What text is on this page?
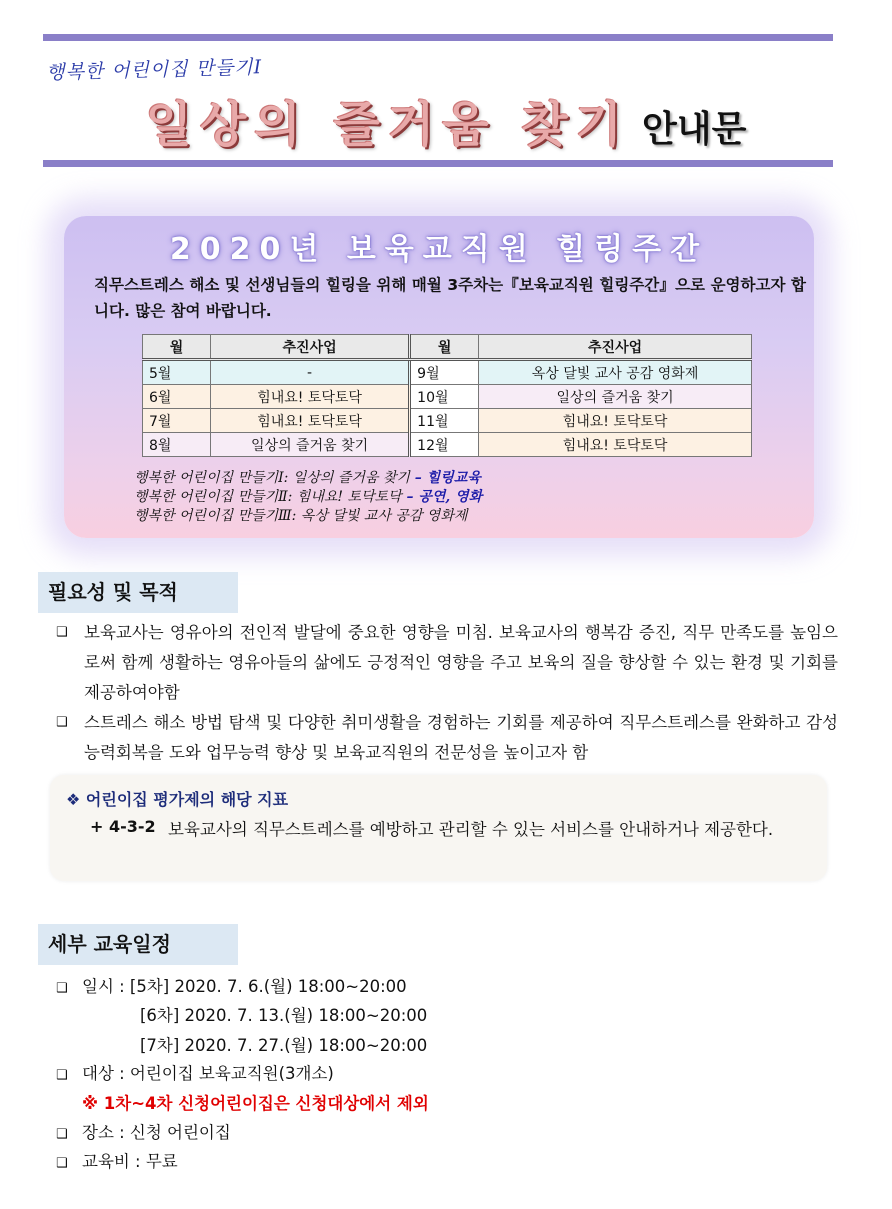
행복한 어린이집 만들기Ⅰ
일상의 즐거움 찾기 안내문
2020년 보육교직원 힐링주간
직무스트레스 해소 및 선생님들의 힐링을 위해 매월 3주차는『보육교직원 힐링주간』으로 운영하고자 합니다. 많은 참여 바랍니다.
월	추진사업	월	추진사업
5월	-	9월	옥상 달빛 교사 공감 영화제
6월	힘내요! 토닥토닥	10월	일상의 즐거움 찾기
7월	힘내요! 토닥토닥	11월	힘내요! 토닥토닥
8월	일상의 즐거움 찾기	12월	힘내요! 토닥토닥
행복한 어린이집 만들기Ⅰ: 일상의 즐거움 찾기 – 힐링교육
행복한 어린이집 만들기Ⅱ: 힘내요! 토닥토닥 – 공연, 영화
행복한 어린이집 만들기Ⅲ: 옥상 달빛 교사 공감 영화제
필요성 및 목적
❑ 보육교사는 영유아의 전인적 발달에 중요한 영향을 미침. 보육교사의 행복감 증진, 직무 만족도를 높임으로써 함께 생활하는 영유아들의 삶에도 긍정적인 영향을 주고 보육의 질을 향상할 수 있는 환경 및 기회를 제공하여야함
❑ 스트레스 해소 방법 탐색 및 다양한 취미생활을 경험하는 기회를 제공하여 직무스트레스를 완화하고 감성능력회복을 도와 업무능력 향상 및 보육교직원의 전문성을 높이고자 함
❖ 어린이집 평가제의 해당 지표
+ 4-3-2 보육교사의 직무스트레스를 예방하고 관리할 수 있는 서비스를 안내하거나 제공한다.
세부 교육일정
❑ 일시 : [5차] 2020. 7. 6.(월) 18:00~20:00
[6차] 2020. 7. 13.(월) 18:00~20:00
[7차] 2020. 7. 27.(월) 18:00~20:00
❑ 대상 : 어린이집 보육교직원(3개소)
※ 1차~4차 신청어린이집은 신청대상에서 제외
❑ 장소 : 신청 어린이집
❑ 교육비 : 무료
